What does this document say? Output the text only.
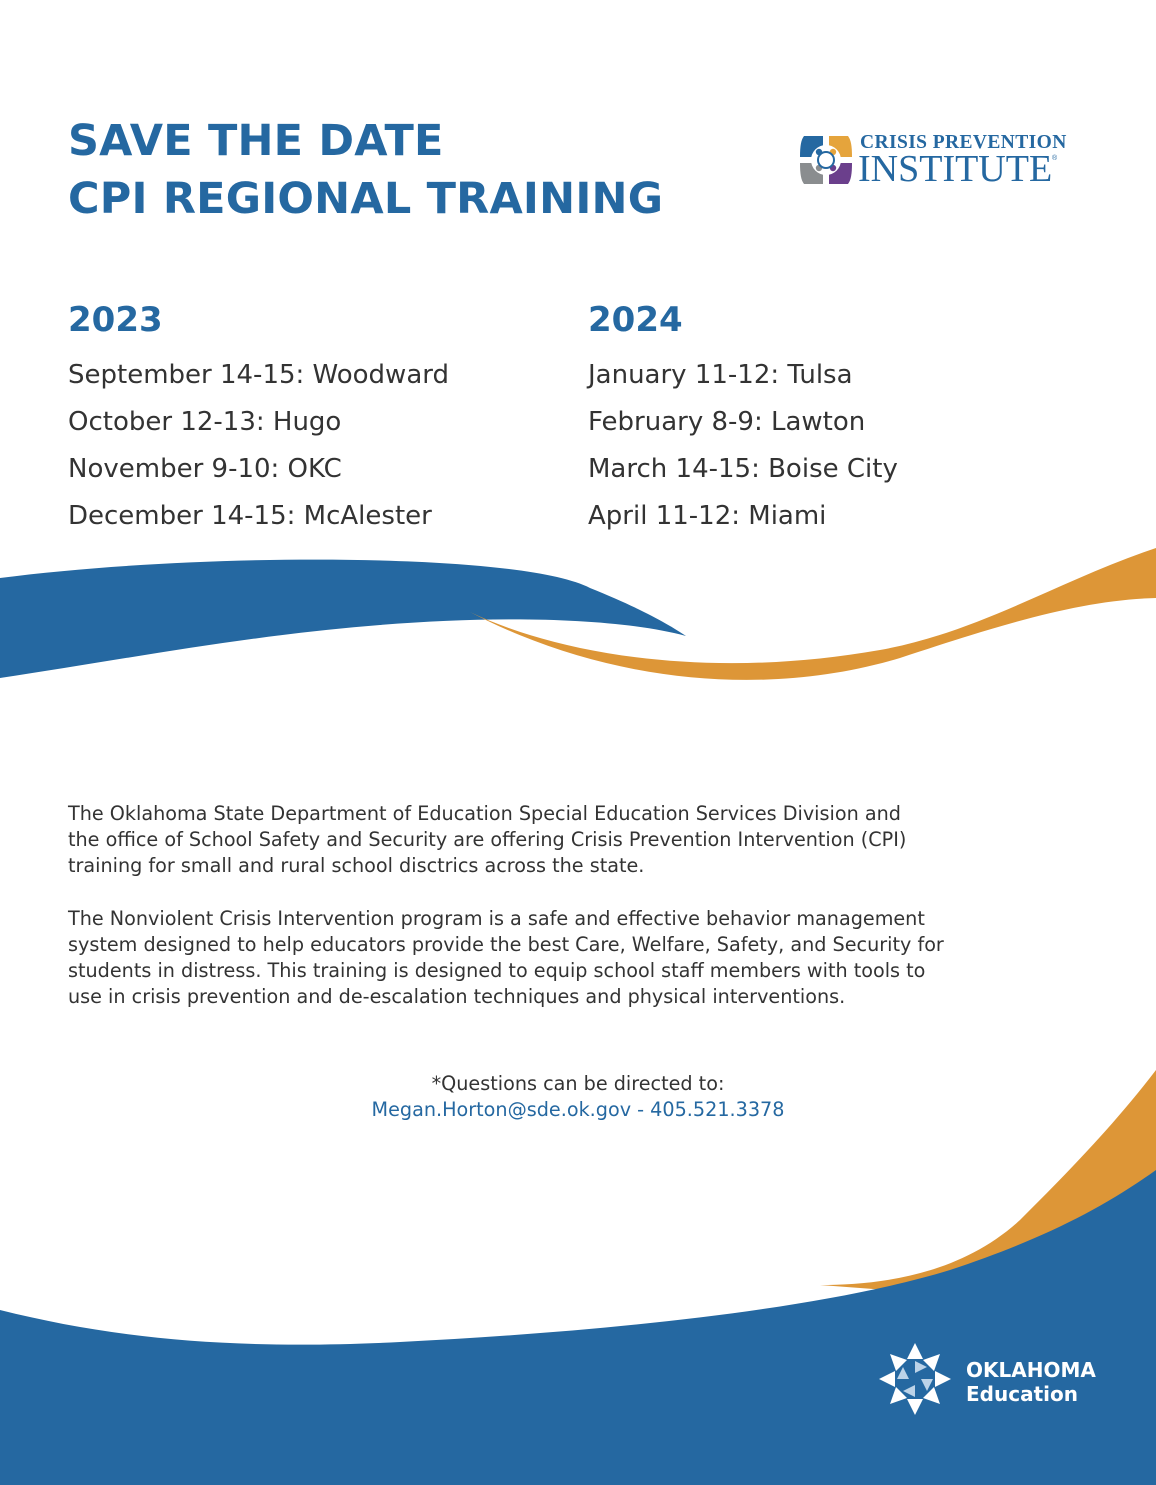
SAVE THE DATE
CPI REGIONAL TRAINING
CRISIS PREVENTION
INSTITUTE ®
2023
September 14-15: Woodward
October 12-13: Hugo
November 9-10: OKC
December 14-15: McAlester
2024
January 11-12: Tulsa
February 8-9: Lawton
March 14-15: Boise City
April 11-12: Miami

The Oklahoma State Department of Education Special Education Services Division and
the office of School Safety and Security are offering Crisis Prevention Intervention (CPI)
training for small and rural school disctrics across the state.

The Nonviolent Crisis Intervention program is a safe and effective behavior management
system designed to help educators provide the best Care, Welfare, Safety, and Security for
students in distress. This training is designed to equip school staff members with tools to
use in crisis prevention and de-escalation techniques and physical interventions.

*Questions can be directed to:

Megan.Horton@sde.ok.gov - 405.521.3378

OKLAHOMA
Education
